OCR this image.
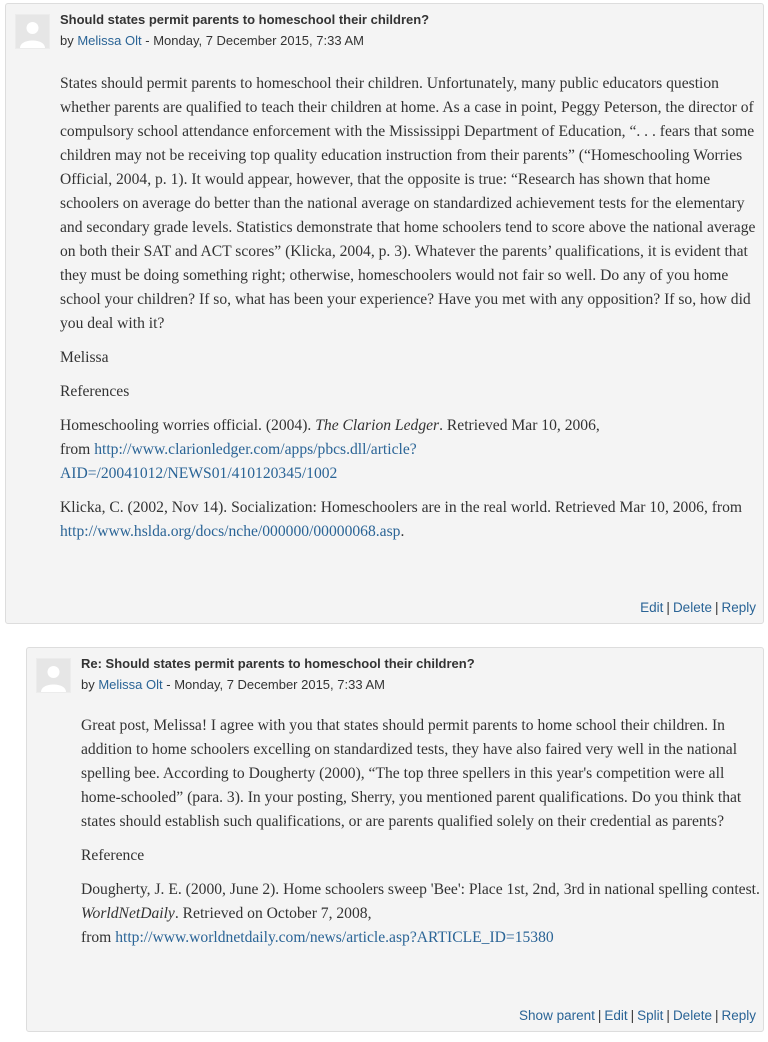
Should states permit parents to homeschool their children?
by Melissa Olt - Monday, 7 December 2015, 7:33 AM

States should permit parents to homeschool their children. Unfortunately, many public educators question whether parents are qualified to teach their children at home. As a case in point, Peggy Peterson, the director of compulsory school attendance enforcement with the Mississippi Department of Education, “. . . fears that some children may not be receiving top quality education instruction from their parents” (“Homeschooling Worries Official, 2004, p. 1). It would appear, however, that the opposite is true: “Research has shown that home schoolers on average do better than the national average on standardized achievement tests for the elementary and secondary grade levels. Statistics demonstrate that home schoolers tend to score above the national average on both their SAT and ACT scores” (Klicka, 2004, p. 3). Whatever the parents’ qualifications, it is evident that they must be doing something right; otherwise, homeschoolers would not fair so well. Do any of you home school your children? If so, what has been your experience? Have you met with any opposition? If so, how did you deal with it?

Melissa

References

Homeschooling worries official. (2004). The Clarion Ledger. Retrieved Mar 10, 2006,
from http://www.clarionledger.com/apps/pbcs.dll/article?
AID=/20041012/NEWS01/410120345/1002

Klicka, C. (2002, Nov 14). Socialization: Homeschoolers are in the real world. Retrieved Mar 10, 2006, from http://www.hslda.org/docs/nche/000000/00000068.asp.

Edit | Delete | Reply
Re: Should states permit parents to homeschool their children?
by Melissa Olt - Monday, 7 December 2015, 7:33 AM

Great post, Melissa! I agree with you that states should permit parents to home school their children. In addition to home schoolers excelling on standardized tests, they have also faired very well in the national spelling bee. According to Dougherty (2000), “The top three spellers in this year's competition were all home-schooled” (para. 3). In your posting, Sherry, you mentioned parent qualifications. Do you think that states should establish such qualifications, or are parents qualified solely on their credential as parents?

Reference

Dougherty, J. E. (2000, June 2). Home schoolers sweep 'Bee': Place 1st, 2nd, 3rd in national spelling contest. WorldNetDaily. Retrieved on October 7, 2008,
from http://www.worldnetdaily.com/news/article.asp?ARTICLE_ID=15380

Show parent | Edit | Split | Delete | Reply
